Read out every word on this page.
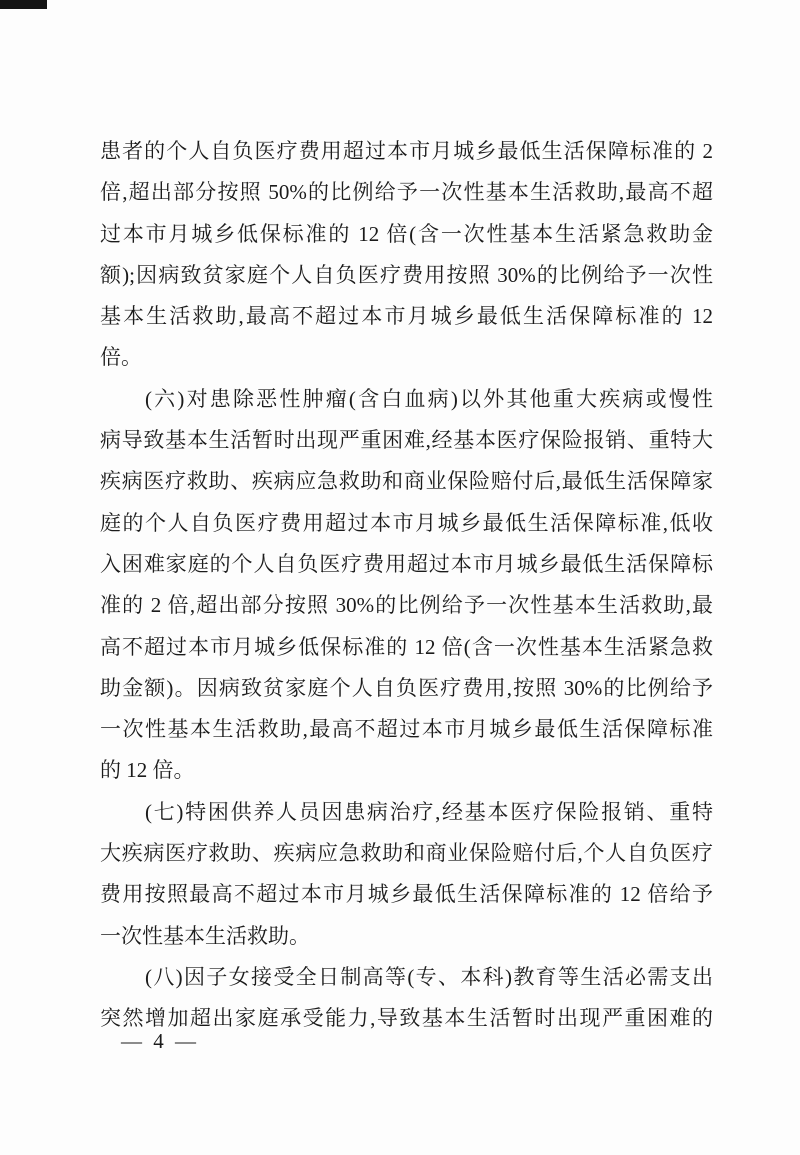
患者的个人自负医疗费用超过本市月城乡最低生活保障标准的 2
倍,超出部分按照 50%的比例给予一次性基本生活救助,最高不超
过本市月城乡低保标准的 12 倍(含一次性基本生活紧急救助金
额);因病致贫家庭个人自负医疗费用按照 30%的比例给予一次性
基本生活救助,最高不超过本市月城乡最低生活保障标准的 12
倍。
(六)对患除恶性肿瘤(含白血病)以外其他重大疾病或慢性
病导致基本生活暂时出现严重困难,经基本医疗保险报销、重特大
疾病医疗救助、疾病应急救助和商业保险赔付后,最低生活保障家
庭的个人自负医疗费用超过本市月城乡最低生活保障标准,低收
入困难家庭的个人自负医疗费用超过本市月城乡最低生活保障标
准的 2 倍,超出部分按照 30%的比例给予一次性基本生活救助,最
高不超过本市月城乡低保标准的 12 倍(含一次性基本生活紧急救
助金额)。因病致贫家庭个人自负医疗费用,按照 30%的比例给予
一次性基本生活救助,最高不超过本市月城乡最低生活保障标准
的 12 倍。
(七)特困供养人员因患病治疗,经基本医疗保险报销、重特
大疾病医疗救助、疾病应急救助和商业保险赔付后,个人自负医疗
费用按照最高不超过本市月城乡最低生活保障标准的 12 倍给予
一次性基本生活救助。
(八)因子女接受全日制高等(专、本科)教育等生活必需支出
突然增加超出家庭承受能力,导致基本生活暂时出现严重困难的
— 4 —
